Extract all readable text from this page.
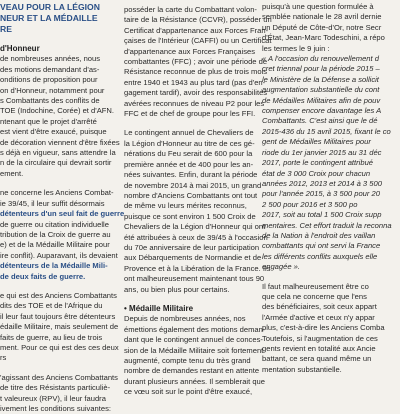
VEAU POUR LA LÉGION
NEUR ET LA MÉDAILLE
RE
d'Honneur
de nombreuses années, nous
des motions demandant d'as-
onditions de proposition pour
on d'Honneur, notamment pour
s Combattants des conflits de
TOE (Indochine, Corée) et d'AFN.
ntenant que le projet d'arrêté
est vient d'être exaucé, puisque
de décoration viennent d'être fixées
s déjà en vigueur, sans attendre la
n de la circulaire qui devrait sortir
ement.
ne concerne les Anciens Combat-
ie 39/45, il leur suffit désormais
détenteurs d'un seul fait de guerre
de guerre ou citation individuelle
tribution de la Croix de guerre au
e) et de la Médaille Militaire pour
ire conflit). Auparavant, ils devaient
détenteurs de la Médaille Mili-
de deux faits de guerre.
e qui est des Anciens Combattants
dits des TOE et de l'Afrique du
il leur faut toujours être détenteurs
édaille Militaire, mais seulement de
faits de guerre, au lieu de trois
ment. Pour ce qui est des ces deux
rs
'agissant des Anciens Combattants
de titre des Résistants particuliè-
t valeureux (RPV), il leur faudra
ivement les conditions suivantes:
posséder la carte du Combattant volon-
taire de la Résistance (CCVR), posséder un
Certificat d'appartenance aux Forces Fran-
çaises de l'Intérieur (CAFFI) ou un Certificat
d'appartenance aux Forces Françaises
combattantes (FFC) ; avoir une période de
Résistance reconnue de plus de trois mois
entre 1940 et 1943 au plus tard (pas d'en-
gagement tardif), avoir des responsabilités
avérées reconnues de niveau P2 pour les
FFC et de chef de groupe pour les FFI.
Le contingent annuel de Chevaliers de
la Légion d'Honneur au titre de ces gé-
nérations du Feu serait de 600 pour la
première année et de 400 pour les an-
nées suivantes. Enfin, durant la période
de novembre 2014 à mai 2015, un grand
nombre d'Anciens Combattants ont tout
de même vu leurs mérites reconnus,
puisque ce sont environ 1 500 Croix de
Chevaliers de la Légion d'Honneur qui ont
été attribuées à ceux de 39/45 à l'occasion
du 70e anniversaire de leur participation
aux Débarquements de Normandie et de
Provence et à la Libération de la France. Ils
ont malheureusement maintenant tous 90
ans, ou bien plus pour certains.
• Médaille Militaire
Depuis de nombreuses années, nos
émettions également des motions deman-
dant que le contingent annuel de conces-
sion de la Médaille Militaire soit fortement
augmenté, compte tenu du très grand
nombre de demandes restant en attente
durant plusieurs années. Il semblerait que
ce vœu soit sur le point d'être exaucé,
puisqu'à une question formulée à
semblée nationale le 28 avril dernie
un Député de Côte-d'Or, notre Secr
d'État, Jean-Marc Todeschini, a répo
les termes le 9 juin :
« A l'occasion du renouvellement d
cret triennal pour la période 2015 –
le Ministère de la Défense a sollicit
augmentation substantielle du cont
de Médailles Militaires afin de pouv
compenser encore davantage les A
Combattants. C'est ainsi que le dé
2015-436 du 15 avril 2015, fixant le co
gent de Médailles Militaires pour
riode du 1er janvier 2015 au 31 déc
2017, porte le contingent attribué
état de 3 000 Croix pour chacun
années 2012, 2013 et 2014 à 3 500
pour l'année 2015, à 3 500 pour 20
2 500 pour 2016 et 3 500 po
2017, soit au total 1 500 Croix supp
mentaires. Cet effort traduit la reconna
de la Nation à l'endroit des vaillan
combattants qui ont servi la France
les différents conflits auxquels elle
engagée ».
Il faut malheureusement être co
que cela ne concerne que l'ens
des bénéficiaires, soit ceux appart
l'Armée d'active et ceux n'y appar
plus, c'est-à-dire les Anciens Comba
Toutefois, si l'augmentation de ces
gents revient en totalité aux Ancie
battant, ce sera quand même un
mentation substantielle.
